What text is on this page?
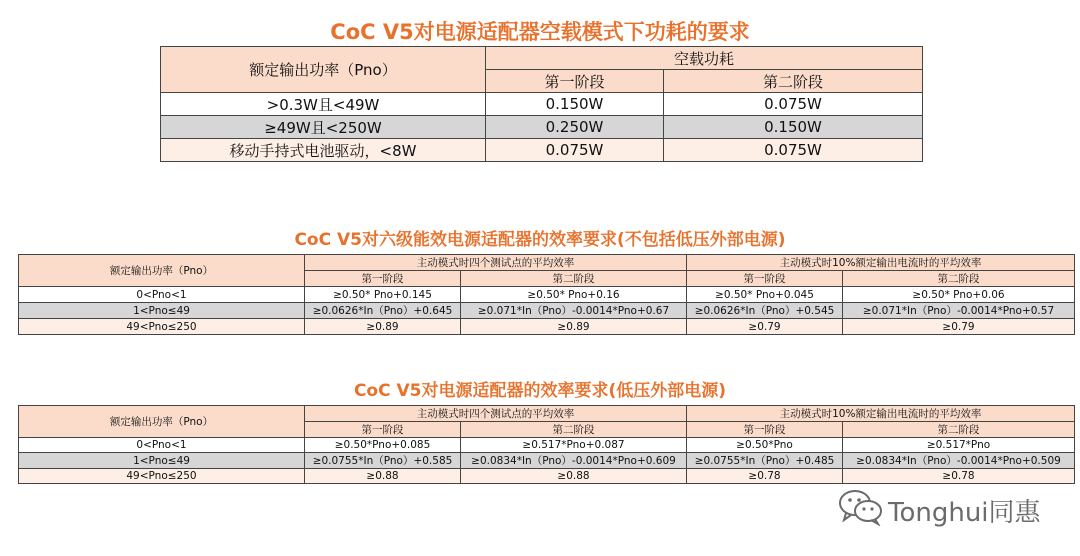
CoC V5对电源适配器空载模式下功耗的要求
额定输出功率（Pno）	空载功耗	
	第一阶段	第二阶段
>0.3W且<49W	0.150W	0.075W
≥49W且<250W	0.250W	0.150W
移动手持式电池驱动，<8W	0.075W	0.075W
CoC V5对六级能效电源适配器的效率要求(不包括低压外部电源)
额定输出功率（Pno）	主动模式时四个测试点的平均效率		主动模式时10%额定输出电流时的平均效率	
	第一阶段	第二阶段	第一阶段	第二阶段
0<Pno<1	≥0.50* Pno+0.145	≥0.50* Pno+0.16	≥0.50* Pno+0.045	≥0.50* Pno+0.06
1<Pno≤49	≥0.0626*In（Pno）+0.645	≥0.071*In（Pno）-0.0014*Pno+0.67	≥0.0626*In（Pno）+0.545	≥0.071*In（Pno）-0.0014*Pno+0.57
49<Pno≤250	≥0.89	≥0.89	≥0.79	≥0.79
CoC V5对电源适配器的效率要求(低压外部电源)
额定输出功率（Pno）	主动模式时四个测试点的平均效率		主动模式时10%额定输出电流时的平均效率	
	第一阶段	第二阶段	第一阶段	第二阶段
0<Pno<1	≥0.50*Pno+0.085	≥0.517*Pno+0.087	≥0.50*Pno	≥0.517*Pno
1<Pno≤49	≥0.0755*In（Pno）+0.585	≥0.0834*In（Pno）-0.0014*Pno+0.609	≥0.0755*In（Pno）+0.485	≥0.0834*In（Pno）-0.0014*Pno+0.509
49<Pno≤250	≥0.88	≥0.88	≥0.78	≥0.78
Tonghui同惠
